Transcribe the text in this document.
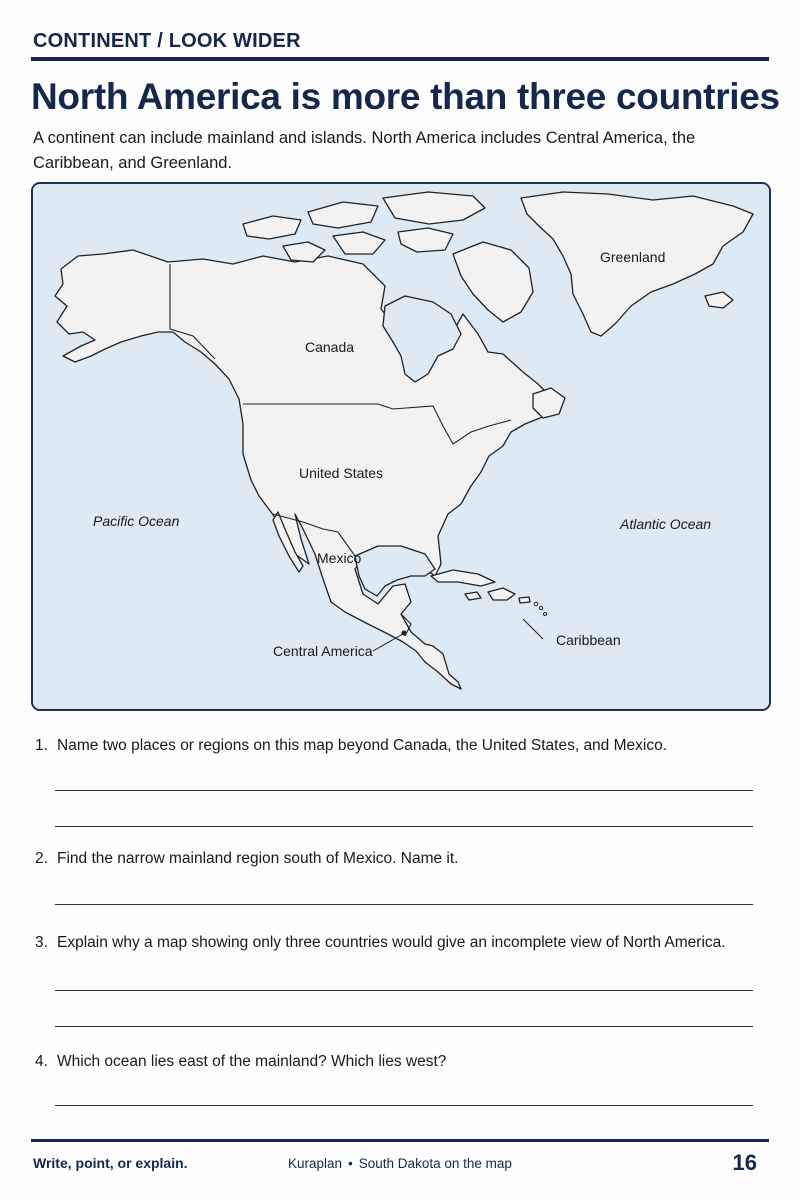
CONTINENT / LOOK WIDER
North America is more than three countries
A continent can include mainland and islands. North America includes Central America, the Caribbean, and Greenland.
Greenland
Canada
United States
Mexico
Central America
Caribbean
Pacific Ocean	Atlantic Ocean
1. Name two places or regions on this map beyond Canada, the United States, and Mexico.
2. Find the narrow mainland region south of Mexico. Name it.
3. Explain why a map showing only three countries would give an incomplete view of North America.
4. Which ocean lies east of the mainland? Which lies west?
Write, point, or explain.	Kuraplan • South Dakota on the map	16
